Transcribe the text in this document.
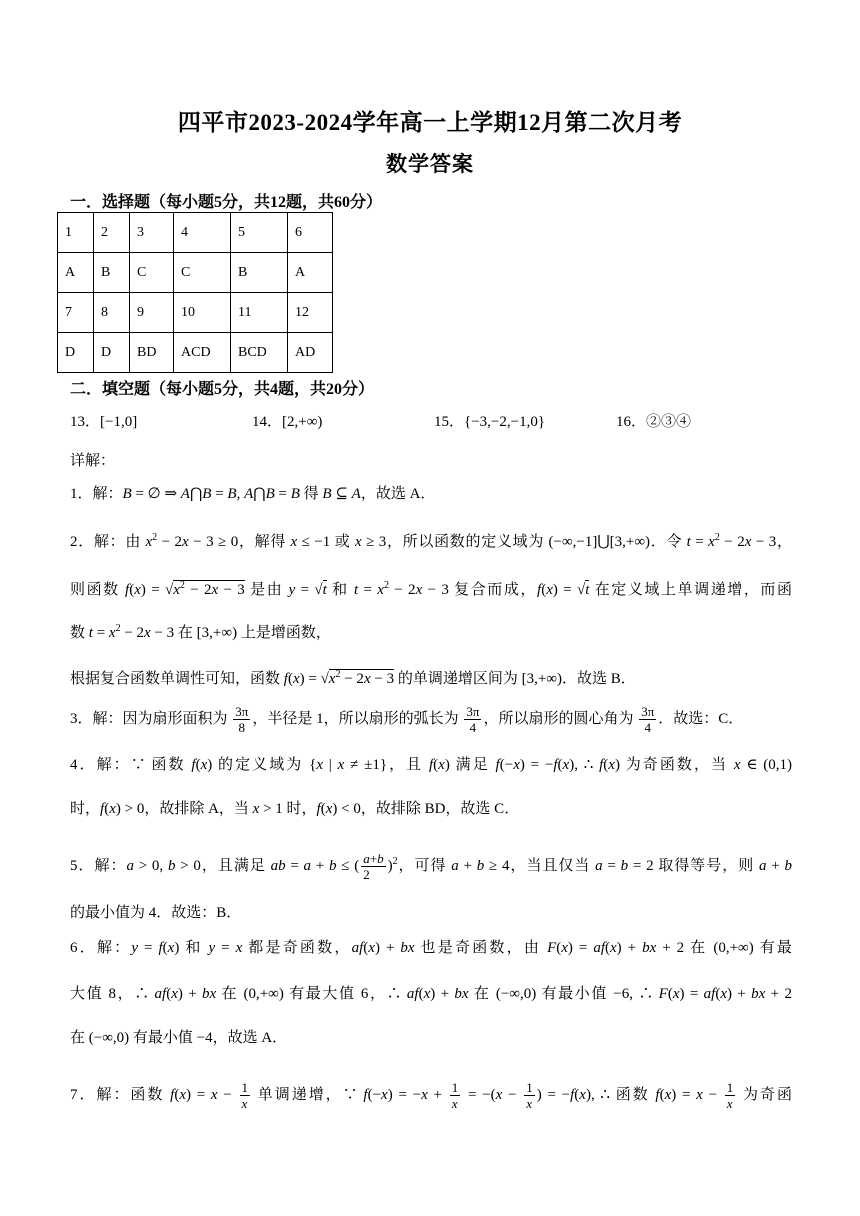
四平市2023-2024学年高一上学期12月第二次月考
数学答案
一．选择题（每小题5分，共12题，共60分）
1	2	3	4	5	6
A	B	C	C	B	A
7	8	9	10	11	12
D	D	BD	ACD	BCD	AD
二．填空题（每小题5分，共4题，共20分）
13．[−1,0]	14．[2,+∞)	15．{−3,−2,−1,0}	16．②③④
详解：
1．解：B = ∅ ⇒ A⋂B = B, A⋂B = B 得 B ⊆ A，故选 A．
2．解：由 $x^2 - 2x - 3 \ge 0$，解得 x ≤ −1 或 x ≥ 3，所以函数的定义域为 (−∞,−1]⋃[3,+∞)．令 $t = x^2 - 2x - 3$，
则函数 $f(x) = √x^2 - 2x - 3$ 是由 y = √t 和 $t = x^2 - 2x - 3$ 复合而成，f(x) = √t 在定义域上单调递增，而函
数 $t = x^2 - 2x - 3$ 在 [3,+∞) 上是增函数，
根据复合函数单调性可知，函数 $f(x) = √x^2 - 2x - 3$ 的单调递增区间为 [3,+∞)．故选 B．
3．解：因为扇形面积为 $\frac{3\pi}{8}$ ，半径是 1，所以扇形的弧长为 $\frac{3\pi}{4}$ ，所以扇形的圆心角为 $\frac{3\pi}{4}$ ．故选：C．
4．解：∵ 函数 f(x) 的定义域为 {x | x ≠ ±1}，且 f(x) 满足 f(−x) = −f(x), ∴ f(x) 为奇函数，当 x ∈ (0,1)
时，f(x) > 0，故排除 A，当 x > 1 时，f(x) < 0，故排除 BD，故选 C．
5．解：a > 0, b > 0，且满足 ab = a + b ≤ ( $\frac{a+b}{2} )^2$，可得 a + b ≥ 4，当且仅当 a = b = 2 取得等号，则 a + b
的最小值为 4．故选：B．
6．解：y = f(x) 和 y = x 都是奇函数，af(x) + bx 也是奇函数，由 F(x) = af(x) + bx + 2 在 (0,+∞) 有最
大值 8，∴ af(x) + bx 在 (0,+∞) 有最大值 6，∴ af(x) + bx 在 (−∞,0) 有最小值 −6, ∴ F(x) = af(x) + bx + 2
在 (−∞,0) 有最小值 −4，故选 A．
7．解：函数 $f(x) = x - \frac{1}{x}$ 单调递增，∵ $f(-x) = -x + \frac{1}{x} = -(x - \frac{1}{x}$ ) = −f(x), ∴ 函数 $f(x) = x - \frac{1}{x}$ 为奇函
